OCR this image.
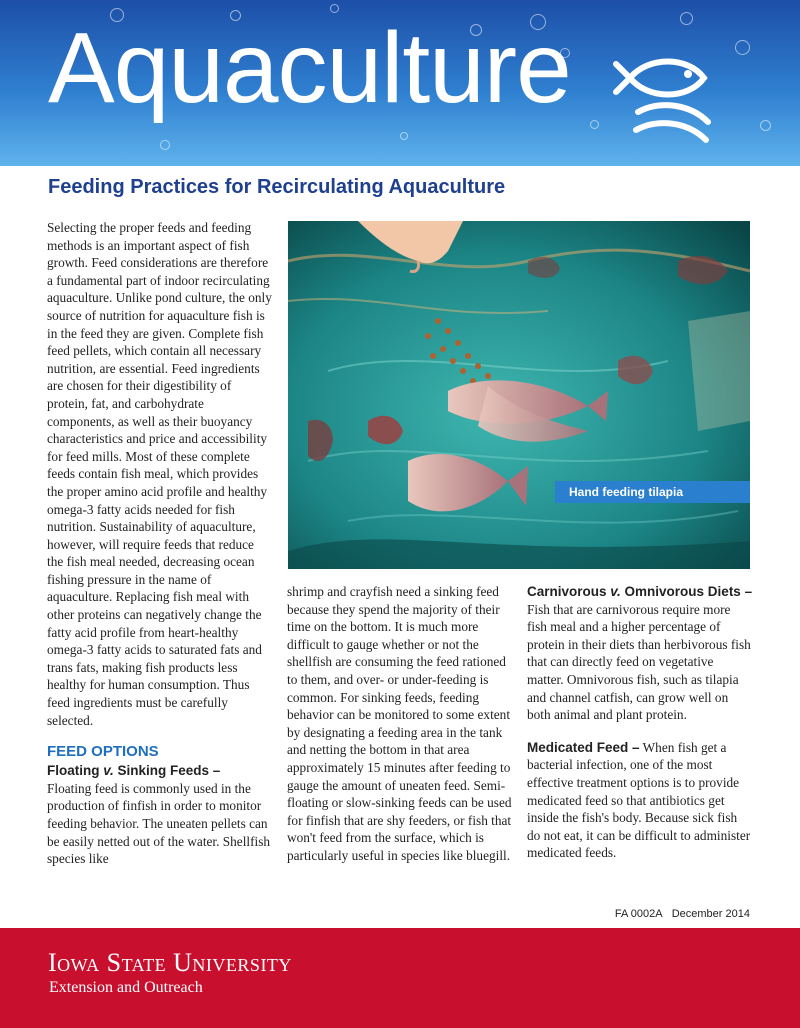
Aquaculture
Feeding Practices for Recirculating Aquaculture

Selecting the proper feeds and feeding methods is an important aspect of fish growth. Feed considerations are therefore a fundamental part of indoor recirculating aquaculture. Unlike pond culture, the only source of nutrition for aquaculture fish is in the feed they are given. Complete fish feed pellets, which contain all necessary nutrition, are essential. Feed ingredients are chosen for their digestibility of protein, fat, and carbohydrate components, as well as their buoyancy characteristics and price and accessibility for feed mills. Most of these complete feeds contain fish meal, which provides the proper amino acid profile and healthy omega-3 fatty acids needed for fish nutrition. Sustainability of aquaculture, however, will require feeds that reduce the fish meal needed, decreasing ocean fishing pressure in the name of aquaculture. Replacing fish meal with other proteins can negatively change the fatty acid profile from heart-healthy omega-3 fatty acids to saturated fats and trans fats, making fish products less healthy for human consumption. Thus feed ingredients must be carefully selected.

FEED OPTIONS

Floating v. Sinking Feeds –
Floating feed is commonly used in the production of finfish in order to monitor feeding behavior. The uneaten pellets can be easily netted out of the water. Shellfish species like

Hand feeding tilapia

shrimp and crayfish need a sinking feed because they spend the majority of their time on the bottom. It is much more difficult to gauge whether or not the shellfish are consuming the feed rationed to them, and over- or under-feeding is common. For sinking feeds, feeding behavior can be monitored to some extent by designating a feeding area in the tank and netting the bottom in that area approximately 15 minutes after feeding to gauge the amount of uneaten feed. Semi-floating or slow-sinking feeds can be used for finfish that are shy feeders, or fish that won't feed from the surface, which is particularly useful in species like bluegill.

Carnivorous v. Omnivorous Diets – Fish that are carnivorous require more fish meal and a higher percentage of protein in their diets than herbivorous fish that can directly feed on vegetative matter. Omnivorous fish, such as tilapia and channel catfish, can grow well on both animal and plant protein.

Medicated Feed – When fish get a bacterial infection, one of the most effective treatment options is to provide medicated feed so that antibiotics get inside the fish's body. Because sick fish do not eat, it can be difficult to administer medicated feeds.

FA 0002A December 2014

Iowa State University
Extension and Outreach
